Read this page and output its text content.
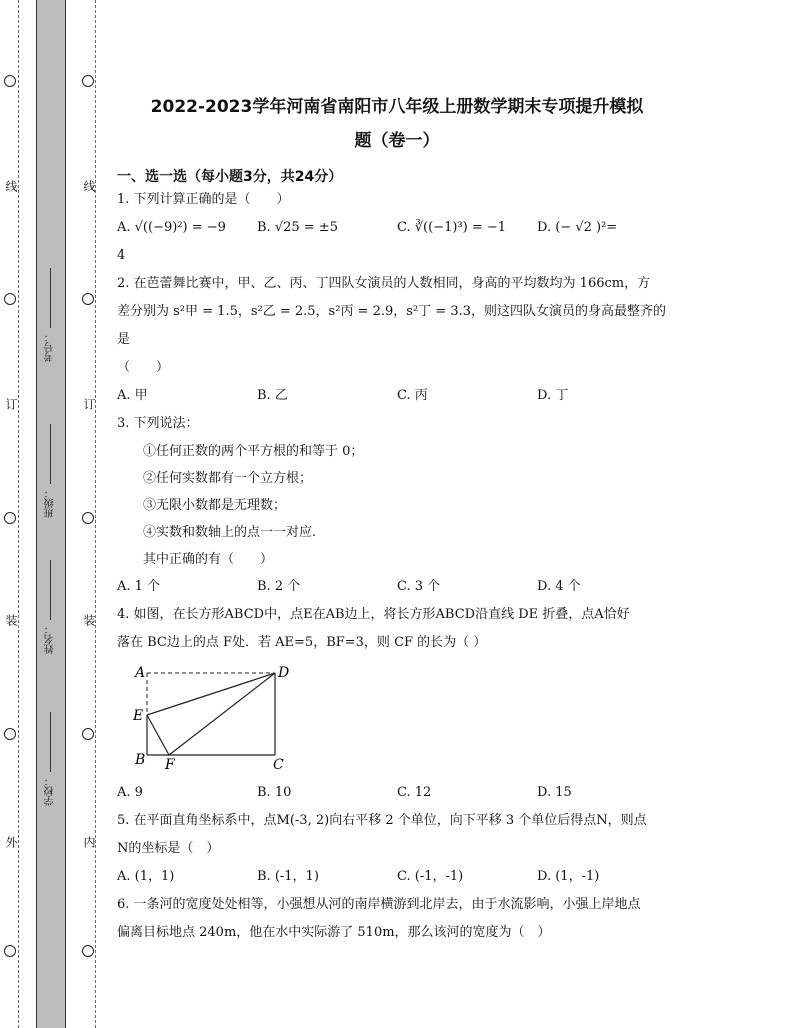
线
订
装
外
线
订
装
内
考号：
班级：
姓名：
学校：
2022-2023学年河南省南阳市八年级上册数学期末专项提升模拟
题（卷一）
一、选一选（每小题3分，共24分）
1. 下列计算正确的是（　　）
A. √((−9)²) = −9	B. √25 = ±5	C. ∛((−1)³) = −1	D. (− √2 )²=
4
2. 在芭蕾舞比赛中，甲、乙、丙、丁四队女演员的人数相同，身高的平均数均为 166cm，方
差分别为 s²甲 = 1.5，s²乙 = 2.5，s²丙 = 2.9，s²丁 = 3.3，则这四队女演员的身高最整齐的是
（　　）
A. 甲	B. 乙	C. 丙	D. 丁
3. 下列说法：
①任何正数的两个平方根的和等于 0；
②任何实数都有一个立方根；
③无限小数都是无理数；
④实数和数轴上的点一一对应.
其中正确的有（　　）
A. 1 个	B. 2 个	C. 3 个	D. 4 个
4. 如图，在长方形ABCD中，点E在AB边上，将长方形ABCD沿直线 DE 折叠，点A恰好
落在 BC边上的点 F处．若 AE=5，BF=3，则 CF 的长为（ ）
A	D
E
B F	C
A. 9	B. 10	C. 12	D. 15
5. 在平面直角坐标系中，点M(-3, 2)向右平移 2 个单位，向下平移 3 个单位后得点N，则点
N的坐标是（　）
A. (1，1)	B. (-1，1)	C. (-1，-1)	D. (1，-1)
6. 一条河的宽度处处相等，小强想从河的南岸横游到北岸去，由于水流影响，小强上岸地点
偏离目标地点 240m，他在水中实际游了 510m，那么该河的宽度为（　）
